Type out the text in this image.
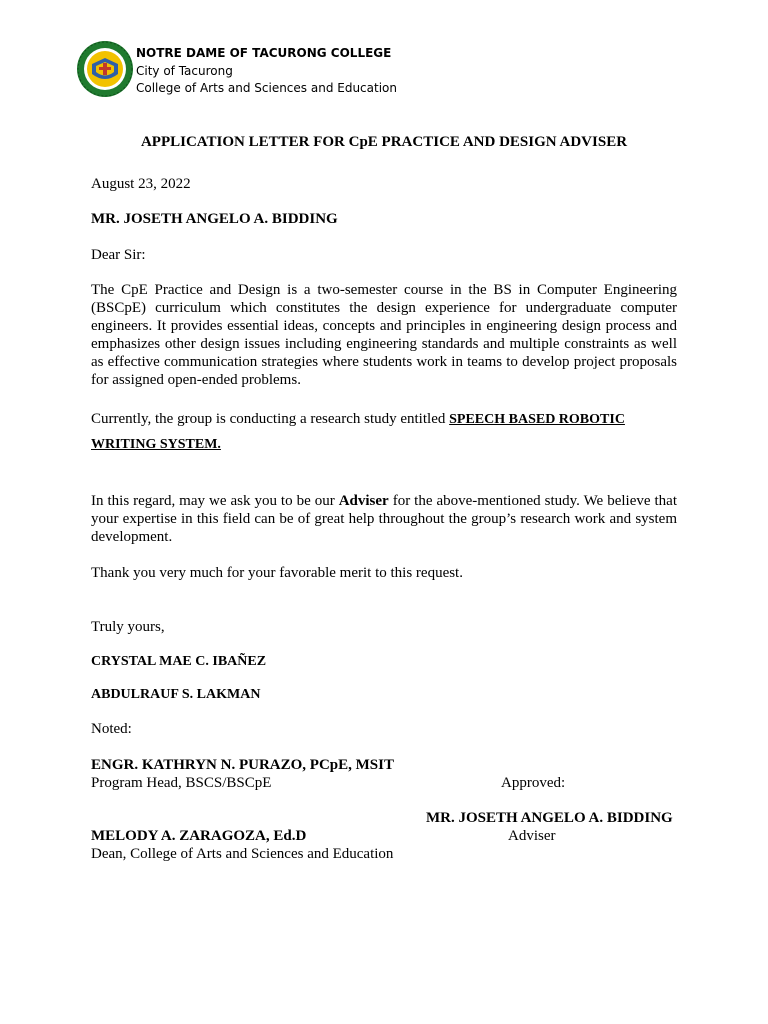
NOTRE DAME OF TACURONG COLLEGE
City of Tacurong
College of Arts and Sciences and Education
APPLICATION LETTER FOR CpE PRACTICE AND DESIGN ADVISER
August 23, 2022
MR. JOSETH ANGELO A. BIDDING
Dear Sir:
The CpE Practice and Design is a two-semester course in the BS in Computer Engineering (BSCpE) curriculum which constitutes the design experience for undergraduate computer engineers. It provides essential ideas, concepts and principles in engineering design process and emphasizes other design issues including engineering standards and multiple constraints as well as effective communication strategies where students work in teams to develop project proposals for assigned open-ended problems.
Currently, the group is conducting a research study entitled SPEECH BASED ROBOTIC
WRITING SYSTEM.
In this regard, may we ask you to be our Adviser for the above-mentioned study. We believe that your expertise in this field can be of great help throughout the group’s research work and system development.
Thank you very much for your favorable merit to this request.
Truly yours,
CRYSTAL MAE C. IBAÑEZ
ABDULRAUF S. LAKMAN
Noted:
ENGR. KATHRYN N. PURAZO, PCpE, MSIT
Program Head, BSCS/BSCpE	Approved:
MR. JOSETH ANGELO A. BIDDING
Adviser
MELODY A. ZARAGOZA, Ed.D
Dean, College of Arts and Sciences and Education
